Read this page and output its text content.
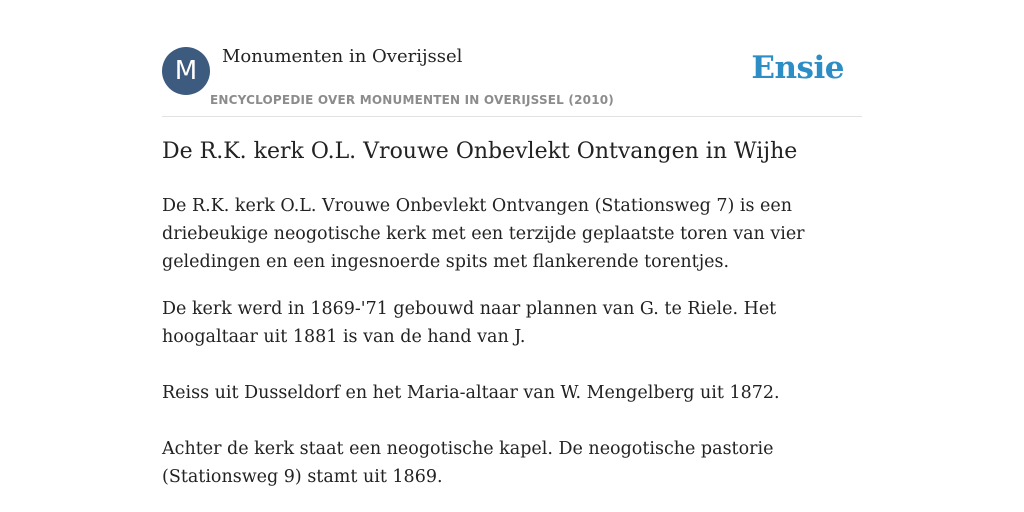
M	Monumenten in Overijssel
ENCYCLOPEDIE OVER MONUMENTEN IN OVERIJSSEL (2010)
Ensie
De R.K. kerk O.L. Vrouwe Onbevlekt Ontvangen in Wijhe

De R.K. kerk O.L. Vrouwe Onbevlekt Ontvangen (Stationsweg 7) is een driebeukige neogotische kerk met een terzijde geplaatste toren van vier geledingen en een ingesnoerde spits met flankerende torentjes.

De kerk werd in 1869-'71 gebouwd naar plannen van G. te Riele. Het hoogaltaar uit 1881 is van de hand van J.

Reiss uit Dusseldorf en het Maria-altaar van W. Mengelberg uit 1872.

Achter de kerk staat een neogotische kapel. De neogotische pastorie (Stationsweg 9) stamt uit 1869.
